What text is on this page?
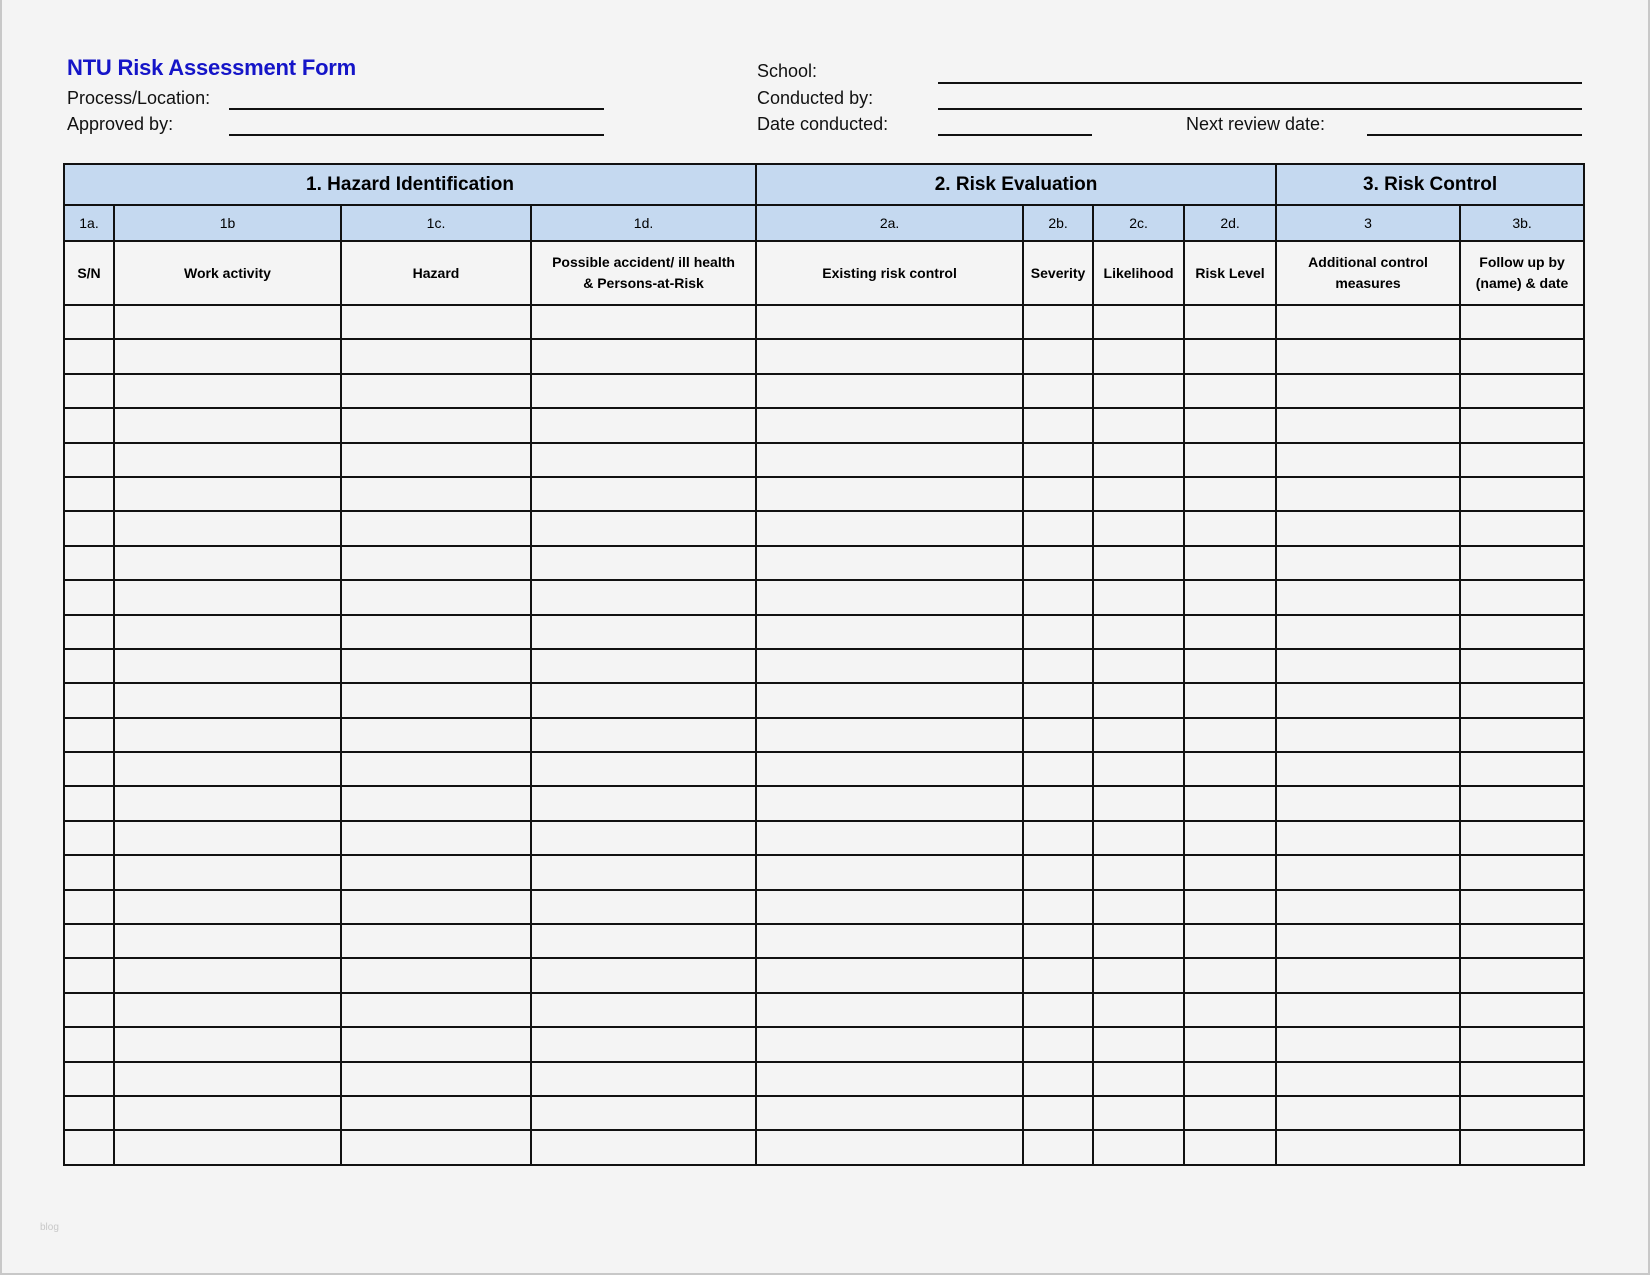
NTU Risk Assessment Form
Process/Location:
Approved by:
School:
Conducted by:
Date conducted:	Next review date:
1. Hazard Identification				2. Risk Evaluation				3. Risk Control	
1a.	1b	1c.	1d.	2a.	2b.	2c.	2d.	3	3b.
S/N	Work activity	Hazard	Possible accident/ ill health & Persons-at-Risk	Existing risk control	Severity	Likelihood	Risk Level	Additional control measures	Follow up by (name) & date

blog
